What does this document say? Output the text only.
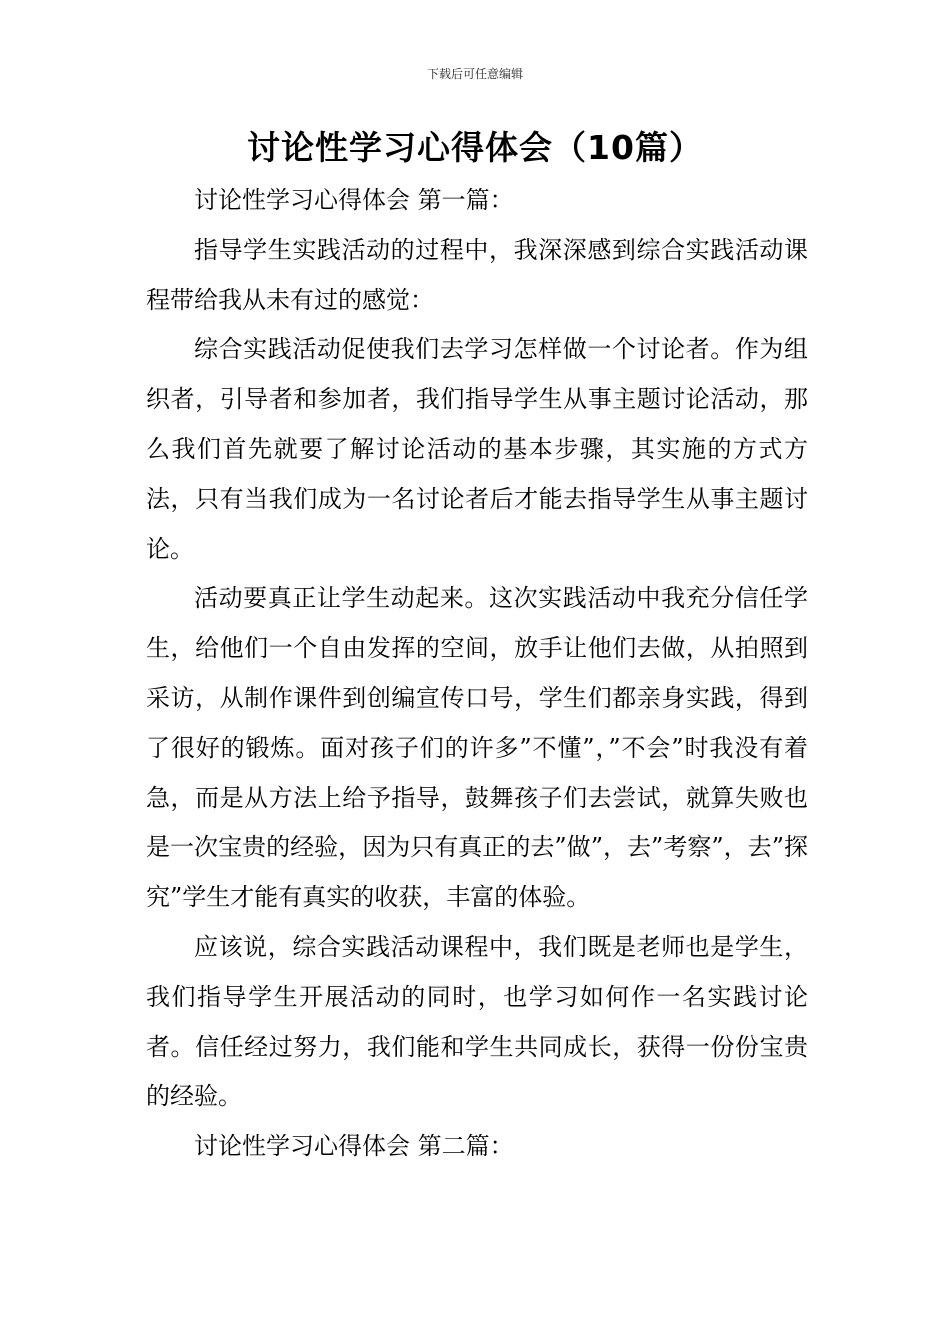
下载后可任意编辑
讨论性学习心得体会（10篇）

讨论性学习心得体会 第一篇：

指导学生实践活动的过程中，我深深感到综合实践活动课程带给我从未有过的感觉：

综合实践活动促使我们去学习怎样做一个讨论者。作为组织者，引导者和参加者，我们指导学生从事主题讨论活动，那么我们首先就要了解讨论活动的基本步骤，其实施的方式方法，只有当我们成为一名讨论者后才能去指导学生从事主题讨论。

活动要真正让学生动起来。这次实践活动中我充分信任学生，给他们一个自由发挥的空间，放手让他们去做，从拍照到采访，从制作课件到创编宣传口号，学生们都亲身实践，得到了很好的锻炼。面对孩子们的许多”不懂”，”不会”时我没有着急，而是从方法上给予指导，鼓舞孩子们去尝试，就算失败也是一次宝贵的经验，因为只有真正的去”做”，去”考察”，去”探究”学生才能有真实的收获，丰富的体验。

应该说，综合实践活动课程中，我们既是老师也是学生，我们指导学生开展活动的同时，也学习如何作一名实践讨论者。信任经过努力，我们能和学生共同成长，获得一份份宝贵的经验。

讨论性学习心得体会 第二篇：
